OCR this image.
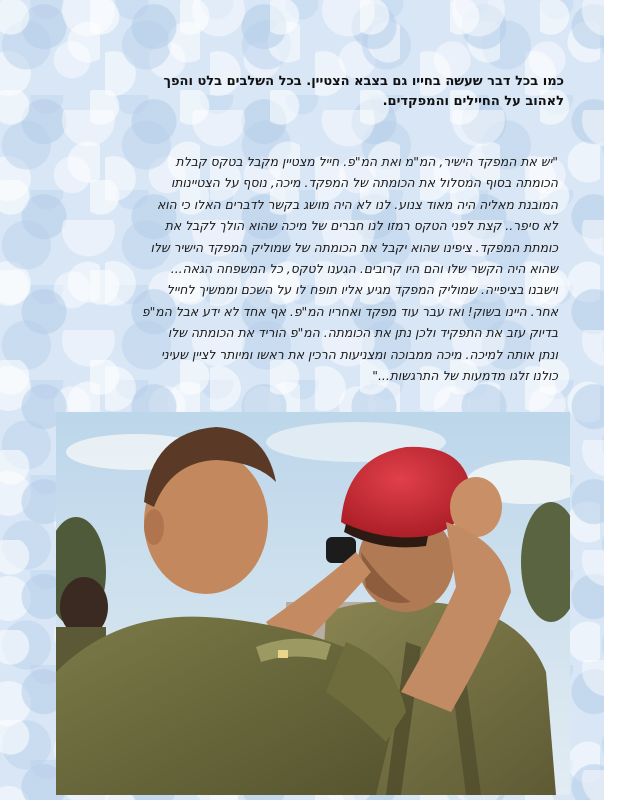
כמו בכל דבר שעשה בחייו גם בצבא הצטיין. בכל השלבים בלט והפך
לאהוב על החיילים והמפקדים.
"יש את המפקד הישיר, המ"מ ואת המ"פ. חייל מצטיין מקבל בטקס קבלת
הכומתה בסוף המסלול את הכומתה של המפקד. מיכה, נוסף על הצטיינותו
המובנת מאליה היה מאוד צנוע. לנו לא היה מושג בקשר לדברים האלו כי הוא
לא סיפר.. קצת לפני הטקס רמזו לנו חברים של מיכה שהוא הולך לקבל את
כומתת המפקד. ציפינו שהוא יקבל את הכומתה של שמוליק המפקד הישיר שלו
שהוא היה הקשר שלו והם היו קרובים. הגענו לטקס, כל המשפחה הגאה...
וישבנו בציפייה. שמוליק המפקד מגיע אליו תופח לו על השכם וממשיך לחייל
אחר. היינו בשוק! ואז עבר עוד מפקד ואחריו המ"פ. אף אחד לא ידע אבל המ"פ
בדיוק עזב את התפקיד ולכן נתן את הכומתה. המ"פ הוריד את הכומתה שלו
ונתן אותה למיכה. מיכה ממבוכה ומצניעות הרכין את ראשו ומיותר לציין שעיני
כולנו זלגו מדמעות של התרגשות..."
